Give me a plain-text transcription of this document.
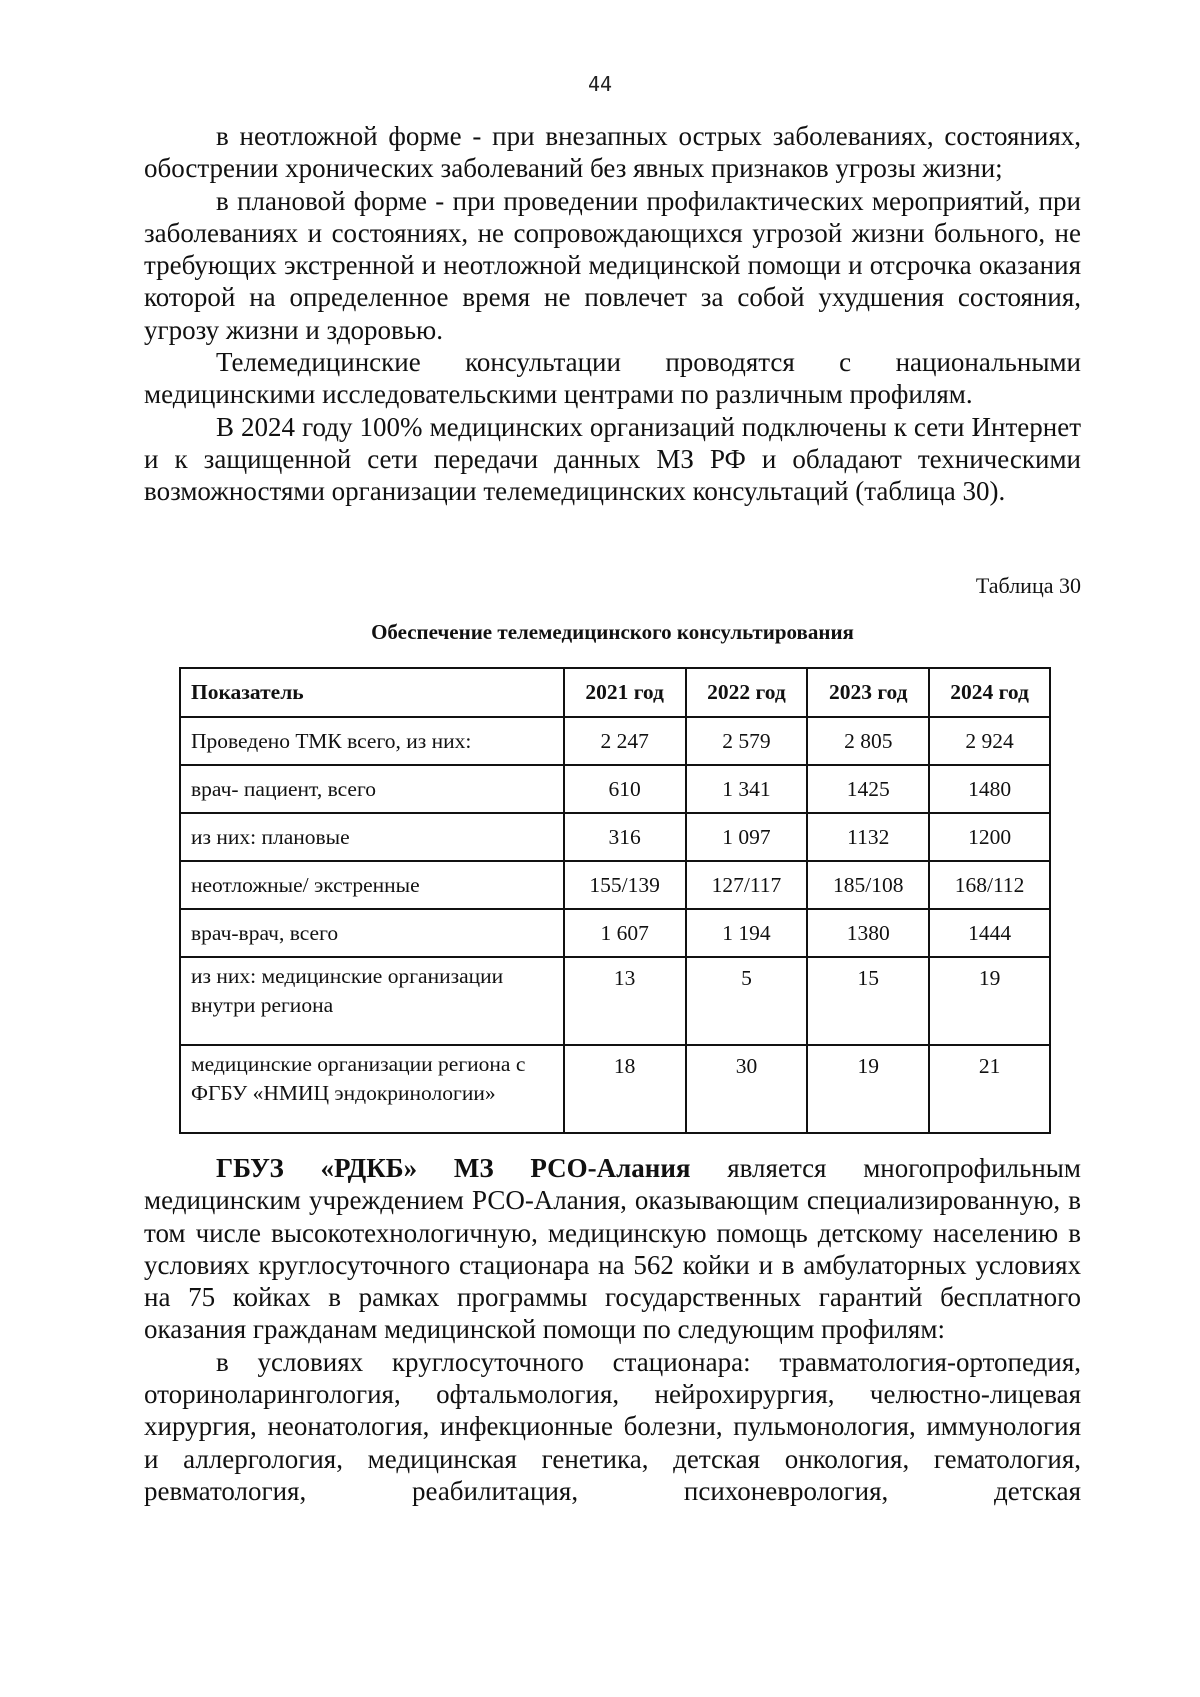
44

в неотложной форме - при внезапных острых заболеваниях, состояниях, обострении хронических заболеваний без явных признаков угрозы жизни;

в плановой форме - при проведении профилактических мероприятий, при заболеваниях и состояниях, не сопровождающихся угрозой жизни больного, не требующих экстренной и неотложной медицинской помощи и отсрочка оказания которой на определенное время не повлечет за собой ухудшения состояния, угрозу жизни и здоровью.

Телемедицинские консультации проводятся с национальными медицинскими исследовательскими центрами по различным профилям.

В 2024 году 100% медицинских организаций подключены к сети Интернет и к защищенной сети передачи данных МЗ РФ и обладают техническими возможностями организации телемедицинских консультаций (таблица 30).

Таблица 30
Обеспечение телемедицинского консультирования
Показатель	2021 год	2022 год	2023 год	2024 год
Проведено ТМК всего, из них:	2 247	2 579	2 805	2 924
врач- пациент, всего	610	1 341	1425	1480
из них: плановые	316	1 097	1132	1200
неотложные/ экстренные	155/139	127/117	185/108	168/112
врач-врач, всего	1 607	1 194	1380	1444
из них: медицинские организации внутри региона	13	5	15	19
медицинские организации региона с ФГБУ «НМИЦ эндокринологии»	18	30	19	21

ГБУЗ «РДКБ» МЗ РСО-Алания является многопрофильным медицинским учреждением РСО-Алания, оказывающим специализированную, в том числе высокотехнологичную, медицинскую помощь детскому населению в условиях круглосуточного стационара на 562 койки и в амбулаторных условиях на 75 койках в рамках программы государственных гарантий бесплатного оказания гражданам медицинской помощи по следующим профилям:

в условиях круглосуточного стационара: травматология-ортопедия, оториноларингология, офтальмология, нейрохирургия, челюстно-лицевая хирургия, неонатология, инфекционные болезни, пульмонология, иммунология и аллергология, медицинская генетика, детская онкология, гематология, ревматология, реабилитация, психоневрология, детская
